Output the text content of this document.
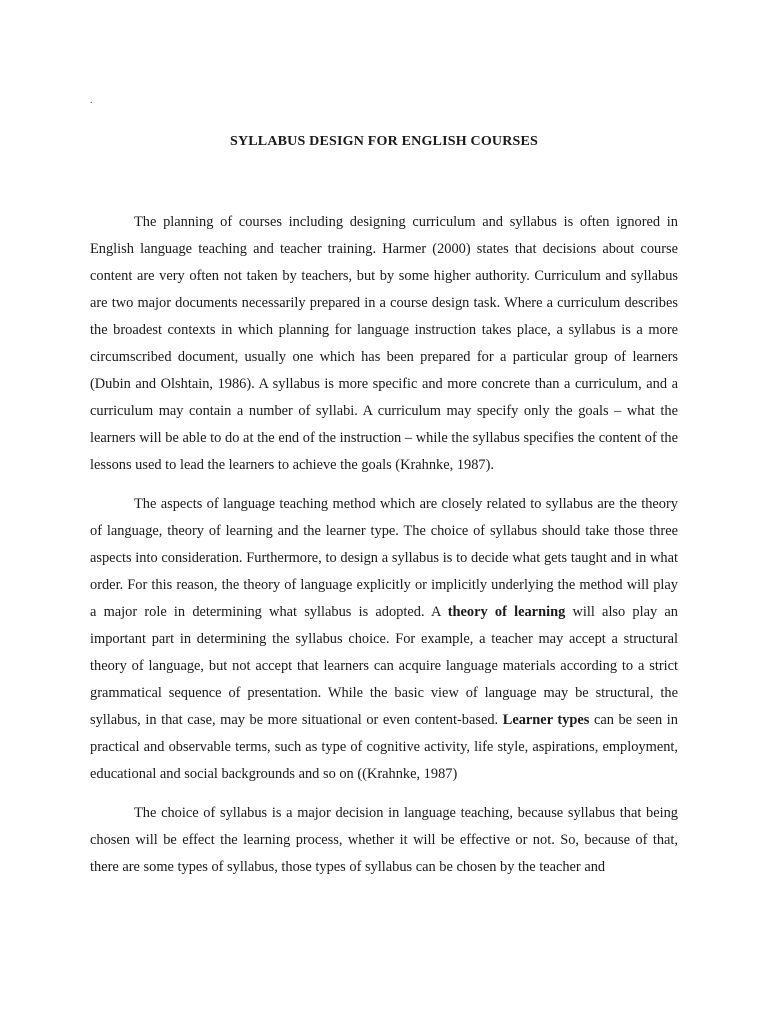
.
SYLLABUS DESIGN FOR ENGLISH COURSES

The planning of courses including designing curriculum and syllabus is often ignored in English language teaching and teacher training. Harmer (2000) states that decisions about course content are very often not taken by teachers, but by some higher authority. Curriculum and syllabus are two major documents necessarily prepared in a course design task. Where a curriculum describes the broadest contexts in which planning for language instruction takes place, a syllabus is a more circumscribed document, usually one which has been prepared for a particular group of learners (Dubin and Olshtain, 1986). A syllabus is more specific and more concrete than a curriculum, and a curriculum may contain a number of syllabi. A curriculum may specify only the goals – what the learners will be able to do at the end of the instruction – while the syllabus specifies the content of the lessons used to lead the learners to achieve the goals (Krahnke, 1987).

The aspects of language teaching method which are closely related to syllabus are the theory of language, theory of learning and the learner type. The choice of syllabus should take those three aspects into consideration. Furthermore, to design a syllabus is to decide what gets taught and in what order. For this reason, the theory of language explicitly or implicitly underlying the method will play a major role in determining what syllabus is adopted. A theory of learning will also play an important part in determining the syllabus choice. For example, a teacher may accept a structural theory of language, but not accept that learners can acquire language materials according to a strict grammatical sequence of presentation. While the basic view of language may be structural, the syllabus, in that case, may be more situational or even content-based. Learner types can be seen in practical and observable terms, such as type of cognitive activity, life style, aspirations, employment, educational and social backgrounds and so on ((Krahnke, 1987)

The choice of syllabus is a major decision in language teaching, because syllabus that being chosen will be effect the learning process, whether it will be effective or not. So, because of that, there are some types of syllabus, those types of syllabus can be chosen by the teacher and
